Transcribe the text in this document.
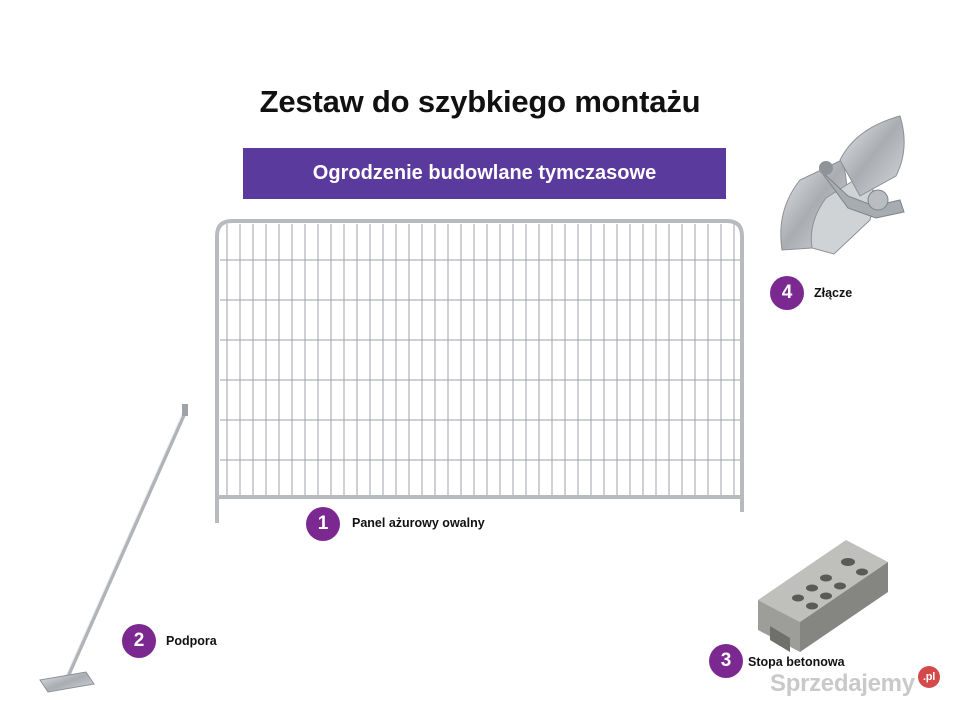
Zestaw do szybkiego montażu
Ogrodzenie budowlane tymczasowe
1	Panel ażurowy owalny
2	Podpora
3	Stopa betonowa
4	Złącze
Sprzedajemy .pl
